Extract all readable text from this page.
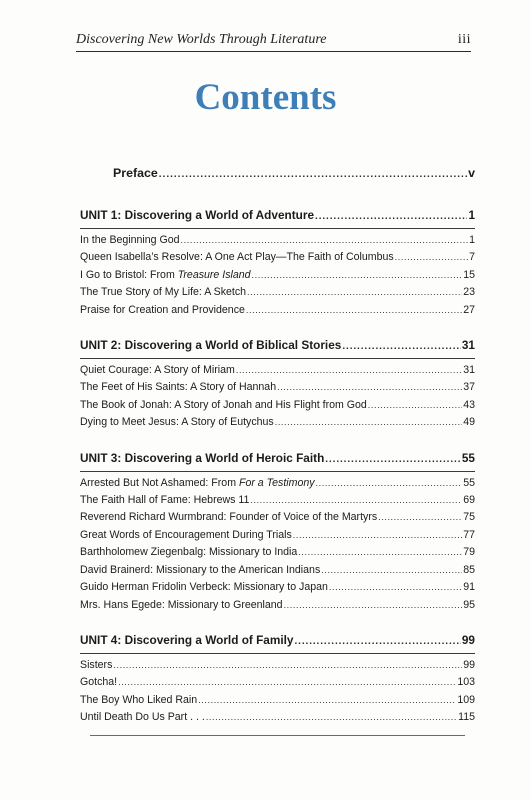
Discovering New Worlds Through Literature	iii
Contents
Preface .....	v
UNIT 1: Discovering a World of Adventure .....	1
In the Beginning God .....	1
Queen Isabella’s Resolve: A One Act Play—The Faith of Columbus .....	7
I Go to Bristol: From Treasure Island .....	15
The True Story of My Life: A Sketch .....	23
Praise for Creation and Providence .....	27
UNIT 2: Discovering a World of Biblical Stories .....	31
Quiet Courage: A Story of Miriam .....	31
The Feet of His Saints: A Story of Hannah .....	37
The Book of Jonah: A Story of Jonah and His Flight from God .....	43
Dying to Meet Jesus: A Story of Eutychus .....	49
UNIT 3: Discovering a World of Heroic Faith .....	55
Arrested But Not Ashamed: From For a Testimony .....	55
The Faith Hall of Fame: Hebrews 11 .....	69
Reverend Richard Wurmbrand: Founder of Voice of the Martyrs .....	75
Great Words of Encouragement During Trials .....	77
Barthholomew Ziegenbalg: Missionary to India .....	79
David Brainerd: Missionary to the American Indians .....	85
Guido Herman Fridolin Verbeck: Missionary to Japan .....	91
Mrs. Hans Egede: Missionary to Greenland .....	95
UNIT 4: Discovering a World of Family .....	99
Sisters .....	99
Gotcha! .....	103
The Boy Who Liked Rain .....	109
Until Death Do Us Part . . . .....	115
